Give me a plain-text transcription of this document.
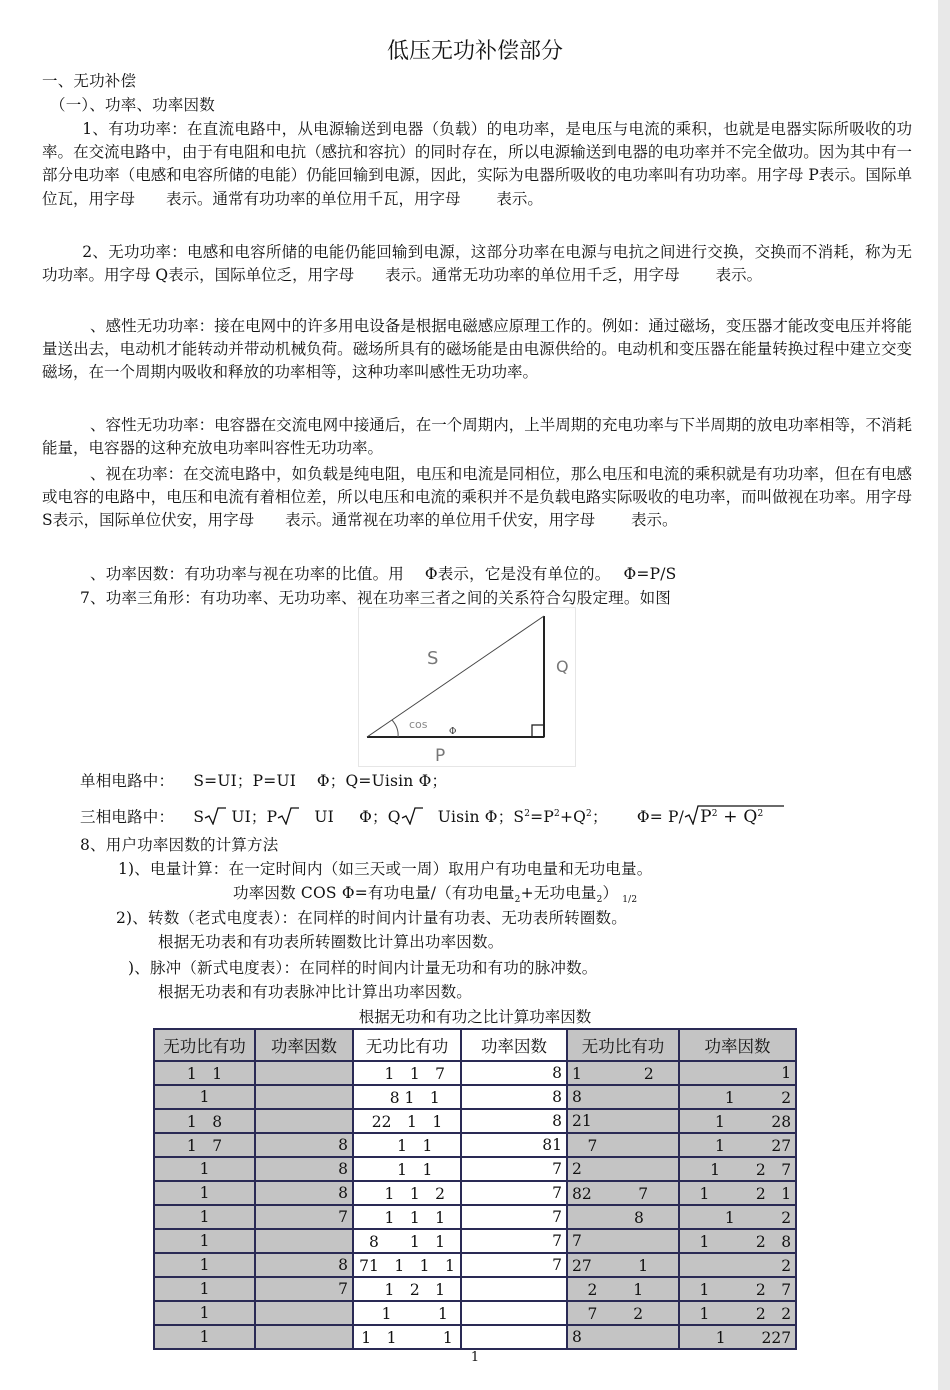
低压无功补偿部分
一、无功补偿
（一）、功率、功率因数
1、有功功率：在直流电路中，从电源输送到电器（负载）的电功率，是电压与电流的乘积，也就是电器实际所吸收的功率。在交流电路中，由于有电阻和电抗（感抗和容抗）的同时存在，所以电源输送到电器的电功率并不完全做功。因为其中有一部分电功率（电感和电容所储的电能）仍能回输到电源，因此，实际为电器所吸收的电功率叫有功功率。用字母 P表示。国际单位瓦，用字母　　表示。通常有功功率的单位用千瓦，用字母　　 表示。
2、无功功率：电感和电容所储的电能仍能回输到电源，这部分功率在电源与电抗之间进行交换，交换而不消耗，称为无功功率。用字母 Q表示，国际单位乏，用字母　　表示。通常无功功率的单位用千乏，用字母　　 表示。
、感性无功功率：接在电网中的许多用电设备是根据电磁感应原理工作的。例如：通过磁场，变压器才能改变电压并将能量送出去，电动机才能转动并带动机械负荷。磁场所具有的磁场能是由电源供给的。电动机和变压器在能量转换过程中建立交变磁场，在一个周期内吸收和释放的功率相等，这种功率叫感性无功功率。
、容性无功功率：电容器在交流电网中接通后，在一个周期内，上半周期的充电功率与下半周期的放电功率相等，不消耗能量，电容器的这种充放电功率叫容性无功功率。
、视在功率：在交流电路中，如负载是纯电阻，电压和电流是同相位，那么电压和电流的乘积就是有功功率，但在有电感或电容的电路中，电压和电流有着相位差，所以电压和电流的乘积并不是负载电路实际吸收的电功率，而叫做视在功率。用字母 S表示，国际单位伏安，用字母　　表示。通常视在功率的单位用千伏安，用字母　　 表示。
、功率因数：有功功率与视在功率的比值。用　 Φ表示，它是没有单位的。　 Φ=P/S
7、功率三角形：有功功率、无功功率、视在功率三者之间的关系符合勾股定理。如图
S	Q
cos
Φ
P
单相电路中： S=UI；P=UI　 Φ；Q=Uisin Φ；
三相电路中： S UI；P UI Φ；Q Uisin Φ；$S^2=P^2+Q^2$； Φ= P/ $P^2 + Q^2$
8、用户功率因数的计算方法
1)、电量计算：在一定时间内（如三天或一周）取用户有功电量和无功电量。
功率因数 COS Φ=有功电量/（有功电量$_2$+无功电量$_2$） $_{1/2}$
2)、转数（老式电度表）：在同样的时间内计量有功表、无功表所转圈数。
根据无功表和有功表所转圈数比计算出功率因数。
)、脉冲（新式电度表）：在同样的时间内计量无功和有功的脉冲数。
根据无功表和有功表脉冲比计算出功率因数。
根据无功和有功之比计算功率因数
无功比有功	功率因数	无功比有功	功率因数	无功比有功	功率因数
1　1		　1　1　7	8	1　　　　2	1
1		　8 1　1	8	8	　1　　　2
1　8		22　1　1	8	21	　1　　　28
1　7	8	　1　1	81	　7	　1　　　27
1	8	　1　1	7	2	　1　　 2　7
1	8	　1　1　2	7	82　　　7	1　　　2　1
1	7	　1　1　1	7	　　　　8	1　　　2
1		8　　1　1	7	7	　1　　　2　8
1	8	71　1　1　1	7	27　　　1	　　　　2
1	7	　1　2　1		　2　　 1	1　　　2　7
1		　1　　　1		　7　　 2	1　　　2　2
1		1　1　　　1		8	　1　　 227
1
